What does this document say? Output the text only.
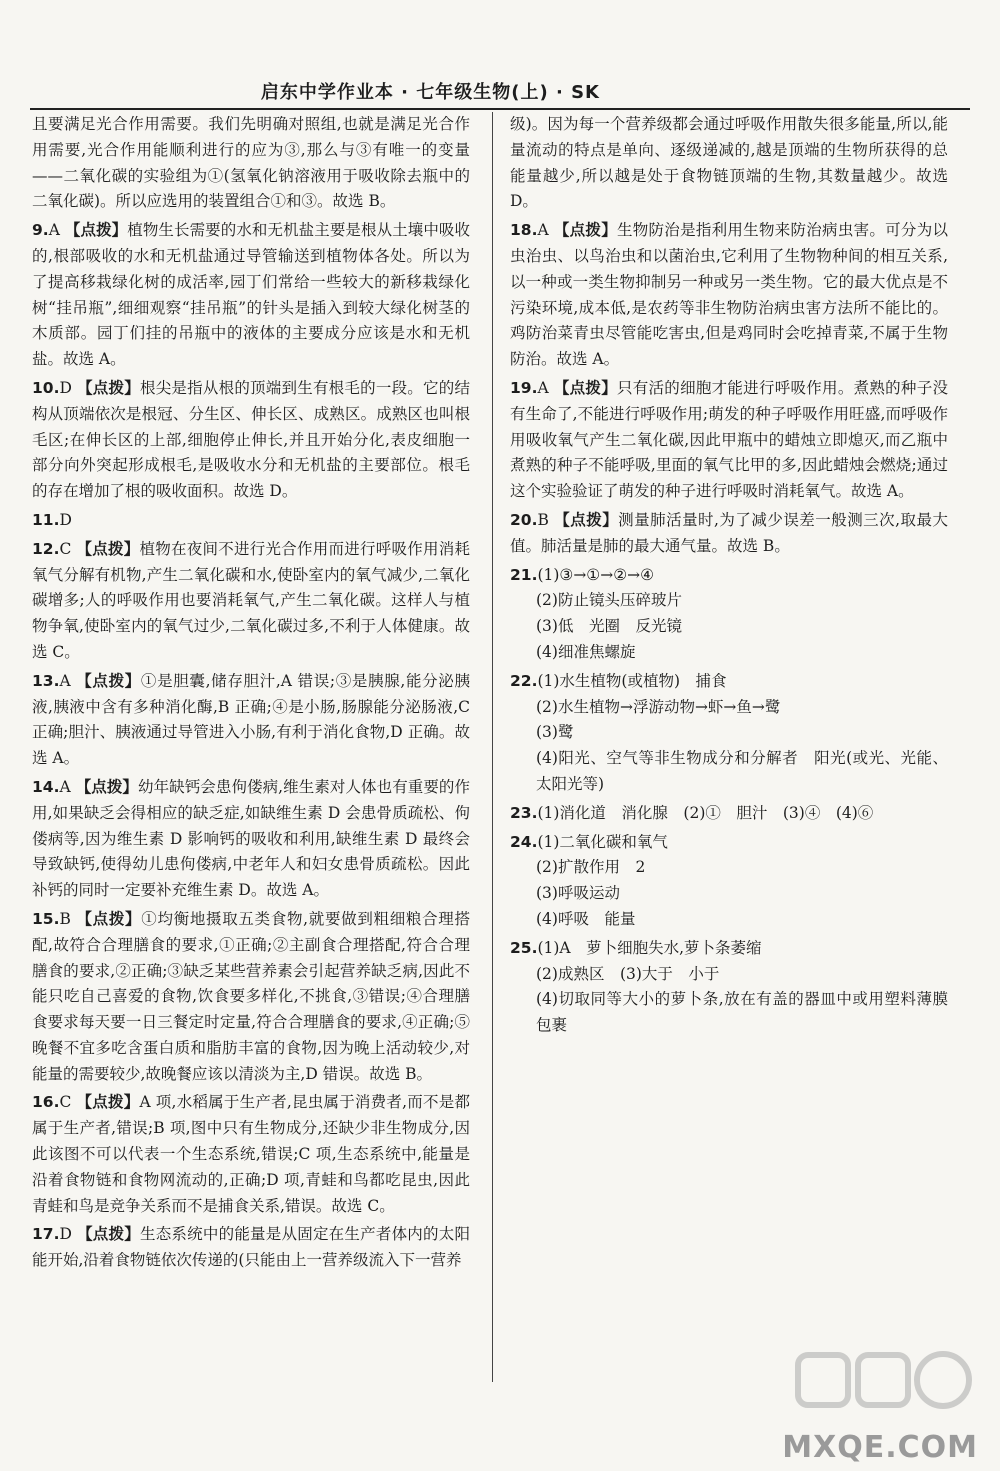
启东中学作业本 · 七年级生物(上) · SK

且要满足光合作用需要。我们先明确对照组,也就是满足光合作用需要,光合作用能顺利进行的应为③,那么与③有唯一的变量——二氧化碳的实验组为①(氢氧化钠溶液用于吸收除去瓶中的二氧化碳)。所以应选用的装置组合①和③。故选 B。

9.A 【点拨】植物生长需要的水和无机盐主要是根从土壤中吸收的,根部吸收的水和无机盐通过导管输送到植物体各处。所以为了提高移栽绿化树的成活率,园丁们常给一些较大的新移栽绿化树“挂吊瓶”,细细观察“挂吊瓶”的针头是插入到较大绿化树茎的木质部。园丁们挂的吊瓶中的液体的主要成分应该是水和无机盐。故选 A。

10.D 【点拨】根尖是指从根的顶端到生有根毛的一段。它的结构从顶端依次是根冠、分生区、伸长区、成熟区。成熟区也叫根毛区;在伸长区的上部,细胞停止伸长,并且开始分化,表皮细胞一部分向外突起形成根毛,是吸收水分和无机盐的主要部位。根毛的存在增加了根的吸收面积。故选 D。

11.D

12.C 【点拨】植物在夜间不进行光合作用而进行呼吸作用消耗氧气分解有机物,产生二氧化碳和水,使卧室内的氧气减少,二氧化碳增多;人的呼吸作用也要消耗氧气,产生二氧化碳。这样人与植物争氧,使卧室内的氧气过少,二氧化碳过多,不利于人体健康。故选 C。

13.A 【点拨】①是胆囊,储存胆汁,A 错误;③是胰腺,能分泌胰液,胰液中含有多种消化酶,B 正确;④是小肠,肠腺能分泌肠液,C 正确;胆汁、胰液通过导管进入小肠,有利于消化食物,D 正确。故选 A。

14.A 【点拨】幼年缺钙会患佝偻病,维生素对人体也有重要的作用,如果缺乏会得相应的缺乏症,如缺维生素 D 会患骨质疏松、佝偻病等,因为维生素 D 影响钙的吸收和利用,缺维生素 D 最终会导致缺钙,使得幼儿患佝偻病,中老年人和妇女患骨质疏松。因此补钙的同时一定要补充维生素 D。故选 A。

15.B 【点拨】①均衡地摄取五类食物,就要做到粗细粮合理搭配,故符合合理膳食的要求,①正确;②主副食合理搭配,符合合理膳食的要求,②正确;③缺乏某些营养素会引起营养缺乏病,因此不能只吃自己喜爱的食物,饮食要多样化,不挑食,③错误;④合理膳食要求每天要一日三餐定时定量,符合合理膳食的要求,④正确;⑤晚餐不宜多吃含蛋白质和脂肪丰富的食物,因为晚上活动较少,对能量的需要较少,故晚餐应该以清淡为主,D 错误。故选 B。

16.C 【点拨】A 项,水稻属于生产者,昆虫属于消费者,而不是都属于生产者,错误;B 项,图中只有生物成分,还缺少非生物成分,因此该图不可以代表一个生态系统,错误;C 项,生态系统中,能量是沿着食物链和食物网流动的,正确;D 项,青蛙和鸟都吃昆虫,因此青蛙和鸟是竞争关系而不是捕食关系,错误。故选 C。

17.D 【点拨】生态系统中的能量是从固定在生产者体内的太阳能开始,沿着食物链依次传递的(只能由上一营养级流入下一营养

级)。因为每一个营养级都会通过呼吸作用散失很多能量,所以,能量流动的特点是单向、逐级递减的,越是顶端的生物所获得的总能量越少,所以越是处于食物链顶端的生物,其数量越少。故选 D。

18.A 【点拨】生物防治是指利用生物来防治病虫害。可分为以虫治虫、以鸟治虫和以菌治虫,它利用了生物物种间的相互关系,以一种或一类生物抑制另一种或另一类生物。它的最大优点是不污染环境,成本低,是农药等非生物防治病虫害方法所不能比的。鸡防治菜青虫尽管能吃害虫,但是鸡同时会吃掉青菜,不属于生物防治。故选 A。

19.A 【点拨】只有活的细胞才能进行呼吸作用。煮熟的种子没有生命了,不能进行呼吸作用;萌发的种子呼吸作用旺盛,而呼吸作用吸收氧气产生二氧化碳,因此甲瓶中的蜡烛立即熄灭,而乙瓶中煮熟的种子不能呼吸,里面的氧气比甲的多,因此蜡烛会燃烧;通过这个实验验证了萌发的种子进行呼吸时消耗氧气。故选 A。

20.B 【点拨】测量肺活量时,为了减少误差一般测三次,取最大值。肺活量是肺的最大通气量。故选 B。

21.(1)③→①→②→④
(2)防止镜头压碎玻片
(3)低　光圈　反光镜
(4)细准焦螺旋
22.(1)水生植物(或植物)　捕食
(2)水生植物→浮游动物→虾→鱼→鹭
(3)鹭
(4)阳光、空气等非生物成分和分解者　阳光(或光、光能、太阳光等)
23.(1)消化道　消化腺　(2)①　胆汁　(3)④　(4)⑥
24.(1)二氧化碳和氧气
(2)扩散作用　2
(3)呼吸运动
(4)呼吸　能量
25.(1)A　萝卜细胞失水,萝卜条萎缩
(2)成熟区　(3)大于　小于
(4)切取同等大小的萝卜条,放在有盖的器皿中或用塑料薄膜包裹
MXQE.COM
